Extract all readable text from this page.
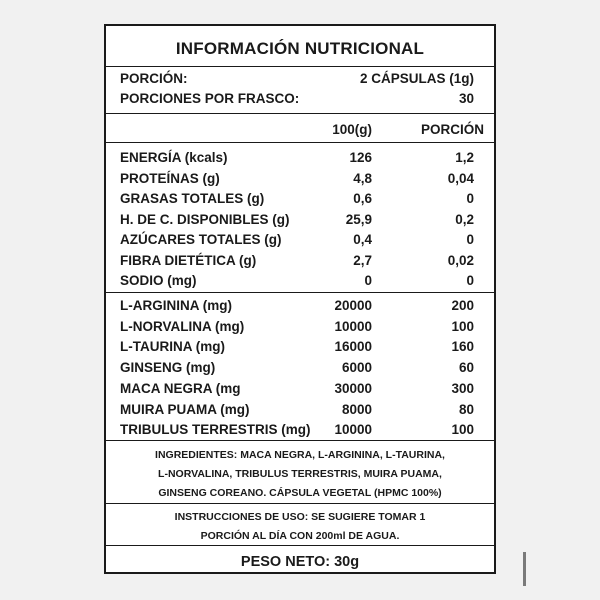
INFORMACIÓN NUTRICIONAL
PORCIÓN:	2 CÁPSULAS (1g)
PORCIONES POR FRASCO:	30
100(g)	PORCIÓN
ENERGÍA (kcals)	126	1,2
PROTEÍNAS (g)	4,8	0,04
GRASAS TOTALES (g)	0,6	0
H. DE C. DISPONIBLES (g)	25,9	0,2
AZÚCARES TOTALES (g)	0,4	0
FIBRA DIETÉTICA (g)	2,7	0,02
SODIO (mg)	0	0
L-ARGININA (mg)	20000	200
L-NORVALINA (mg)	10000	100
L-TAURINA (mg)	16000	160
GINSENG (mg)	6000	60
MACA NEGRA (mg	30000	300
MUIRA PUAMA (mg)	8000	80
TRIBULUS TERRESTRIS (mg)	10000	100
INGREDIENTES: MACA NEGRA, L-ARGININA, L-TAURINA,
L-NORVALINA, TRIBULUS TERRESTRIS, MUIRA PUAMA,
GINSENG COREANO. CÁPSULA VEGETAL (HPMC 100%)
INSTRUCCIONES DE USO: SE SUGIERE TOMAR 1
PORCIÓN AL DÍA CON 200ml DE AGUA.
PESO NETO: 30g
